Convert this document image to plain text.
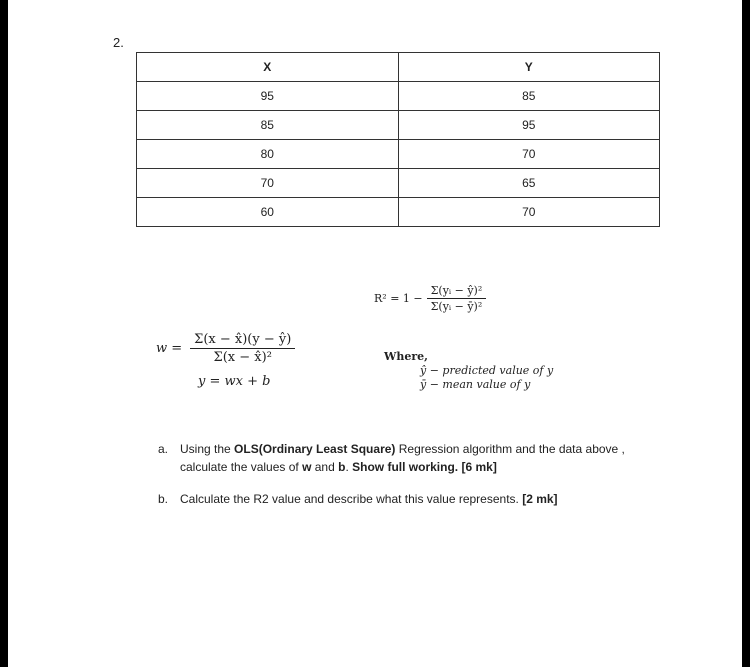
2.
X	Y
95	85
85	95
80	70
70	65
60	70
$R^2 = 1 - \frac{\text{Σ(yᵢ − ŷ)²}}{\text{Σ(yᵢ − ȳ)²}}$
$w = \frac{\Sigma(x - x̂)(y - ŷ)}{\text{Σ(x − x̂)²}}$
y = wx + b
Where,
ŷ − predicted value of y
ȳ − mean value of y
a. Using the OLS(Ordinary Least Square) Regression algorithm and the data above , calculate the values of w and b. Show full working. [6 mk]
b. Calculate the R2 value and describe what this value represents. [2 mk]
